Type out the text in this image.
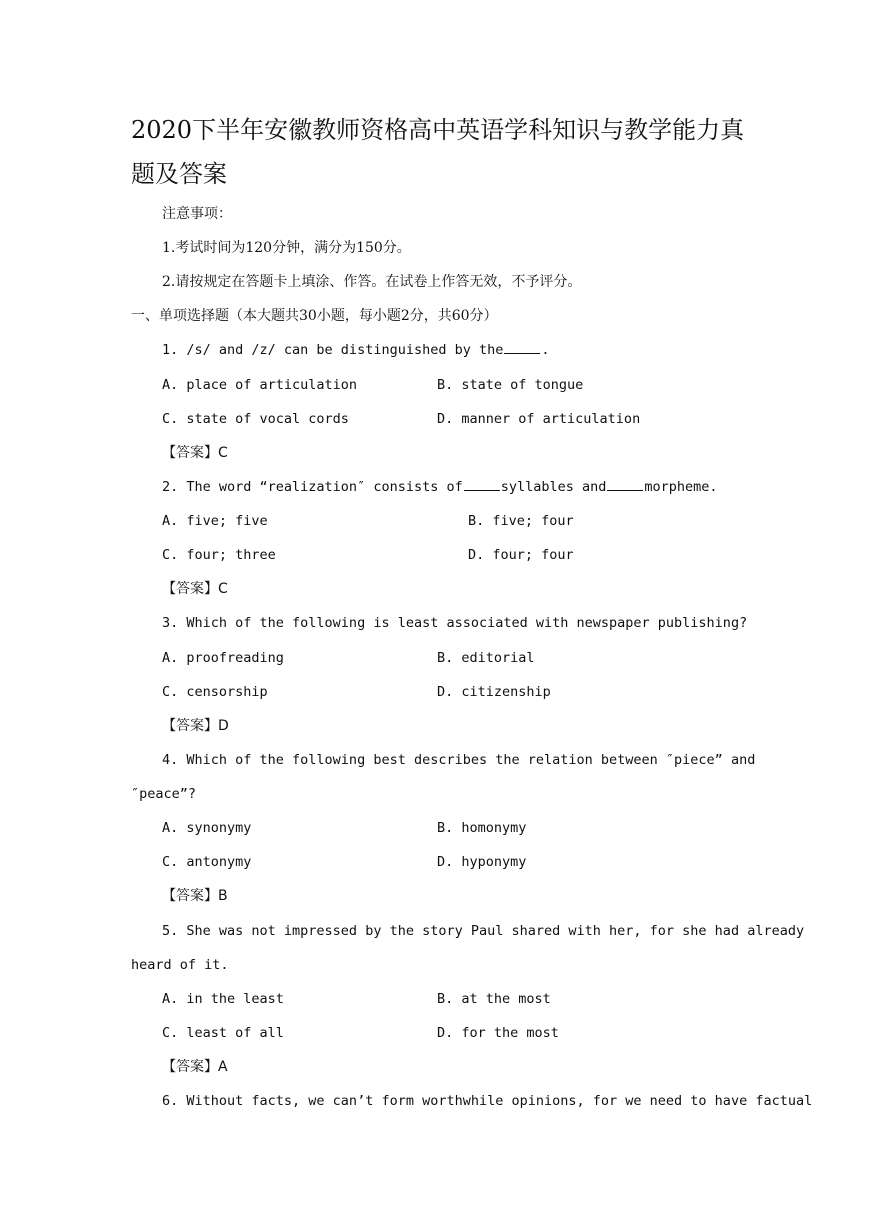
2020下半年安徽教师资格高中英语学科知识与教学能力真题及答案
注意事项：
1.考试时间为120分钟，满分为150分。
2.请按规定在答题卡上填涂、作答。在试卷上作答无效，不予评分。
一、单项选择题（本大题共30小题，每小题2分，共60分）
1. /s/ and /z/ can be distinguished by the	.
A. place of articulation	B. state of tongue
C. state of vocal cords	D. manner of articulation
【答案】C
2. The word “realization″ consists of	syllables and	morpheme.
A. five; five	B. five; four
C. four; three	D. four; four
【答案】C
3. Which of the following is least associated with newspaper publishing?
A. proofreading	B. editorial
C. censorship	D. citizenship
【答案】D
4. Which of the following best describes the relation between ″piece” and
″peace”?
A. synonymy	B. homonymy
C. antonymy	D. hyponymy
【答案】B
5. She was not impressed by the story Paul shared with her, for she had already
heard of it.
A. in the least	B. at the most
C. least of all	D. for the most
【答案】A
6. Without facts, we can’t form worthwhile opinions, for we need to have factual
